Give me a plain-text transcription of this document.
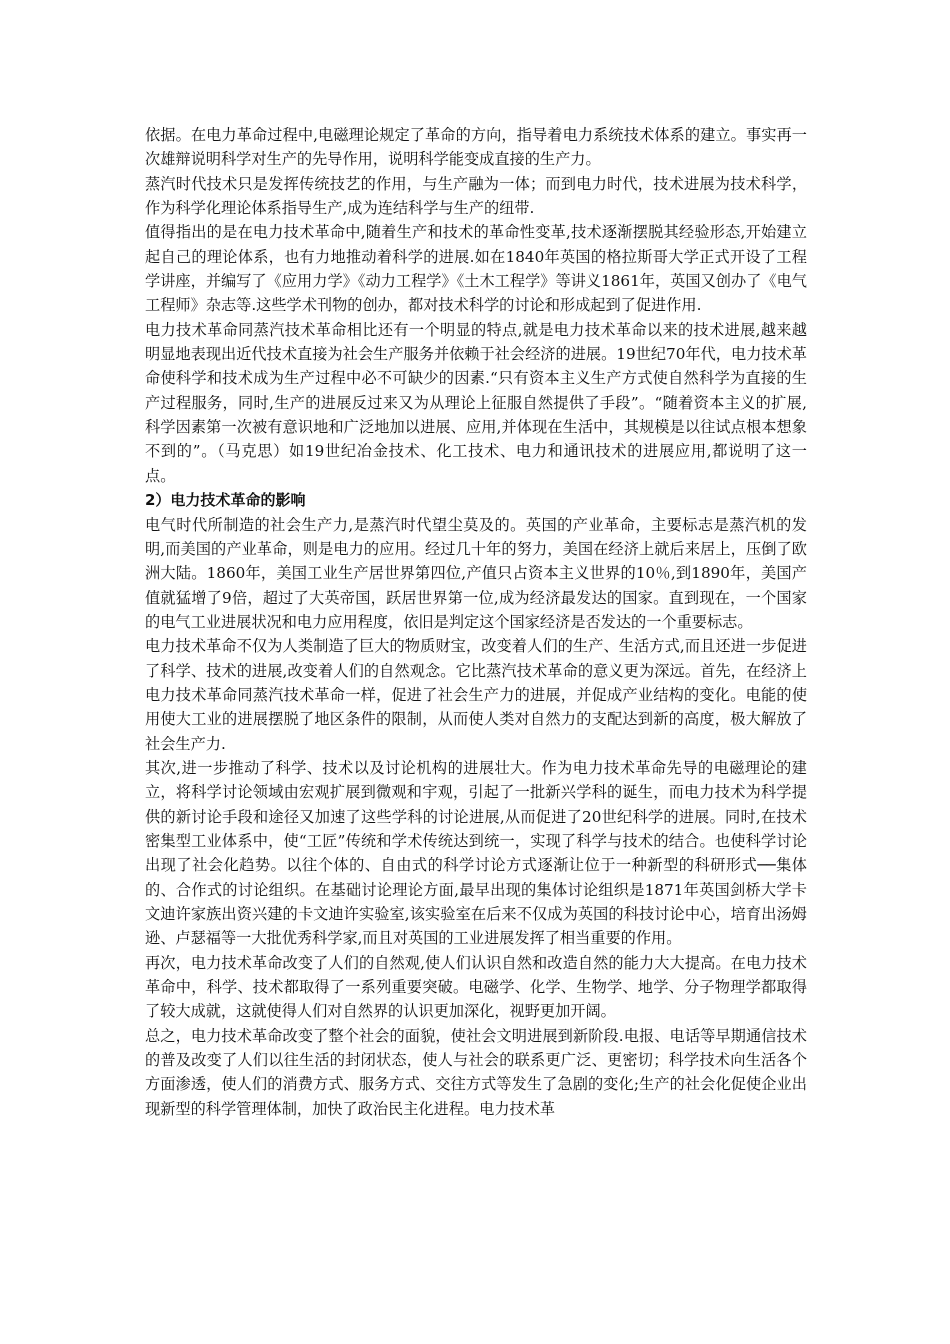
依据。在电力革命过程中,电磁理论规定了革命的方向，指导着电力系统技术体系的建立。事实再一次雄辩说明科学对生产的先导作用，说明科学能变成直接的生产力。

蒸汽时代技术只是发挥传统技艺的作用，与生产融为一体；而到电力时代，技术进展为技术科学，作为科学化理论体系指导生产,成为连结科学与生产的纽带.

值得指出的是在电力技术革命中,随着生产和技术的革命性变革,技术逐渐摆脱其经验形态,开始建立起自己的理论体系，也有力地推动着科学的进展.如在1840年英国的格拉斯哥大学正式开设了工程学讲座，并编写了《应用力学》《动力工程学》《土木工程学》等讲义1861年，英国又创办了《电气工程师》杂志等.这些学术刊物的创办，都对技术科学的讨论和形成起到了促进作用.

电力技术革命同蒸汽技术革命相比还有一个明显的特点,就是电力技术革命以来的技术进展,越来越明显地表现出近代技术直接为社会生产服务并依赖于社会经济的进展。19世纪70年代，电力技术革命使科学和技术成为生产过程中必不可缺少的因素.“只有资本主义生产方式使自然科学为直接的生产过程服务，同时,生产的进展反过来又为从理论上征服自然提供了手段”。“随着资本主义的扩展,科学因素第一次被有意识地和广泛地加以进展、应用,并体现在生活中，其规模是以往试点根本想象不到的”。（马克思）如19世纪冶金技术、化工技术、电力和通讯技术的进展应用,都说明了这一点。

2）电力技术革命的影响

电气时代所制造的社会生产力,是蒸汽时代望尘莫及的。英国的产业革命，主要标志是蒸汽机的发明,而美国的产业革命，则是电力的应用。经过几十年的努力，美国在经济上就后来居上，压倒了欧洲大陆。1860年，美国工业生产居世界第四位,产值只占资本主义世界的10％,到1890年，美国产值就猛增了9倍，超过了大英帝国，跃居世界第一位,成为经济最发达的国家。直到现在，一个国家的电气工业进展状况和电力应用程度，依旧是判定这个国家经济是否发达的一个重要标志。

电力技术革命不仅为人类制造了巨大的物质财宝，改变着人们的生产、生活方式,而且还进一步促进了科学、技术的进展,改变着人们的自然观念。它比蒸汽技术革命的意义更为深远。首先，在经济上电力技术革命同蒸汽技术革命一样，促进了社会生产力的进展，并促成产业结构的变化。电能的使用使大工业的进展摆脱了地区条件的限制，从而使人类对自然力的支配达到新的高度，极大解放了社会生产力.

其次,进一步推动了科学、技术以及讨论机构的进展壮大。作为电力技术革命先导的电磁理论的建立，将科学讨论领域由宏观扩展到微观和宇观，引起了一批新兴学科的诞生，而电力技术为科学提供的新讨论手段和途径又加速了这些学科的讨论进展,从而促进了20世纪科学的进展。同时,在技术密集型工业体系中，使“工匠”传统和学术传统达到统一，实现了科学与技术的结合。也使科学讨论出现了社会化趋势。以往个体的、自由式的科学讨论方式逐渐让位于一种新型的科研形式──集体的、合作式的讨论组织。在基础讨论理论方面,最早出现的集体讨论组织是1871年英国剑桥大学卡文迪许家族出资兴建的卡文迪许实验室,该实验室在后来不仅成为英国的科技讨论中心，培育出汤姆逊、卢瑟福等一大批优秀科学家,而且对英国的工业进展发挥了相当重要的作用。

再次，电力技术革命改变了人们的自然观,使人们认识自然和改造自然的能力大大提高。在电力技术革命中，科学、技术都取得了一系列重要突破。电磁学、化学、生物学、地学、分子物理学都取得了较大成就，这就使得人们对自然界的认识更加深化，视野更加开阔。

总之，电力技术革命改变了整个社会的面貌，使社会文明进展到新阶段.电报、电话等早期通信技术的普及改变了人们以往生活的封闭状态，使人与社会的联系更广泛、更密切；科学技术向生活各个方面渗透，使人们的消费方式、服务方式、交往方式等发生了急剧的变化;生产的社会化促使企业出现新型的科学管理体制，加快了政治民主化进程。电力技术革
